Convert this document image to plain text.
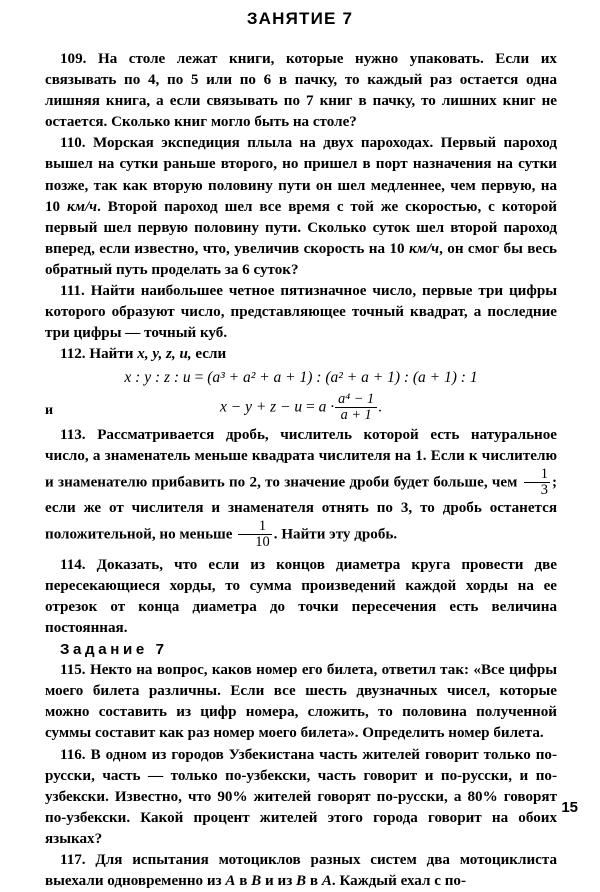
ЗАНЯТИЕ 7

109. На столе лежат книги, которые нужно упаковать. Если их связывать по 4, по 5 или по 6 в пачку, то каждый раз остается одна лишняя книга, а если связывать по 7 книг в пачку, то лишних книг не остается. Сколько книг могло быть на столе?

110. Морская экспедиция плыла на двух пароходах. Первый пароход вышел на сутки раньше второго, но пришел в порт назначения на сутки позже, так как вторую половину пути он шел медленнее, чем первую, на 10 км/ч. Второй пароход шел все время с той же скоростью, с которой первый шел первую половину пути. Сколько суток шел второй пароход вперед, если известно, что, увеличив скорость на 10 км/ч, он смог бы весь обратный путь проделать за 6 суток?

111. Найти наибольшее четное пятизначное число, первые три цифры которого образуют число, представляющее точный квадрат, а последние три цифры — точный куб.

112. Найти x, y, z, u, если

x : y : z : u = (a³ + a² + a + 1) : (a² + a + 1) : (a + 1) : 1
и	$x - y + z - u = a \cdot \frac{\text{a⁴ − 1}}{a + 1}$ .

113. Рассматривается дробь, числитель которой есть натуральное число, а знаменатель меньше квадрата числителя на 1. Если к числителю и знаменателю прибавить по 2, то значение дроби будет больше, чем $\frac{1}{3}$ ; если же от числителя и знаменателя отнять по 3, то дробь останется положительной, но меньше $\frac{1}{10}$ . Найти эту дробь.

114. Доказать, что если из концов диаметра круга провести две пересекающиеся хорды, то сумма произведений каждой хорды на ее отрезок от конца диаметра до точки пересечения есть величина постоянная.

Задание 7

115. Некто на вопрос, каков номер его билета, ответил так: «Все цифры моего билета различны. Если все шесть двузначных чисел, которые можно составить из цифр номера, сложить, то половина полученной суммы составит как раз номер моего билета». Определить номер билета.

116. В одном из городов Узбекистана часть жителей говорит только по-русски, часть — только по-узбекски, часть говорит и по-русски, и по-узбекски. Известно, что 90% жителей говорят по-русски, а 80% говорят по-узбекски. Какой процент жителей этого города говорит на обоих языках?

117. Для испытания мотоциклов разных систем два мотоциклиста выехали одновременно из A в B и из B в A. Каждый ехал с по-

15
